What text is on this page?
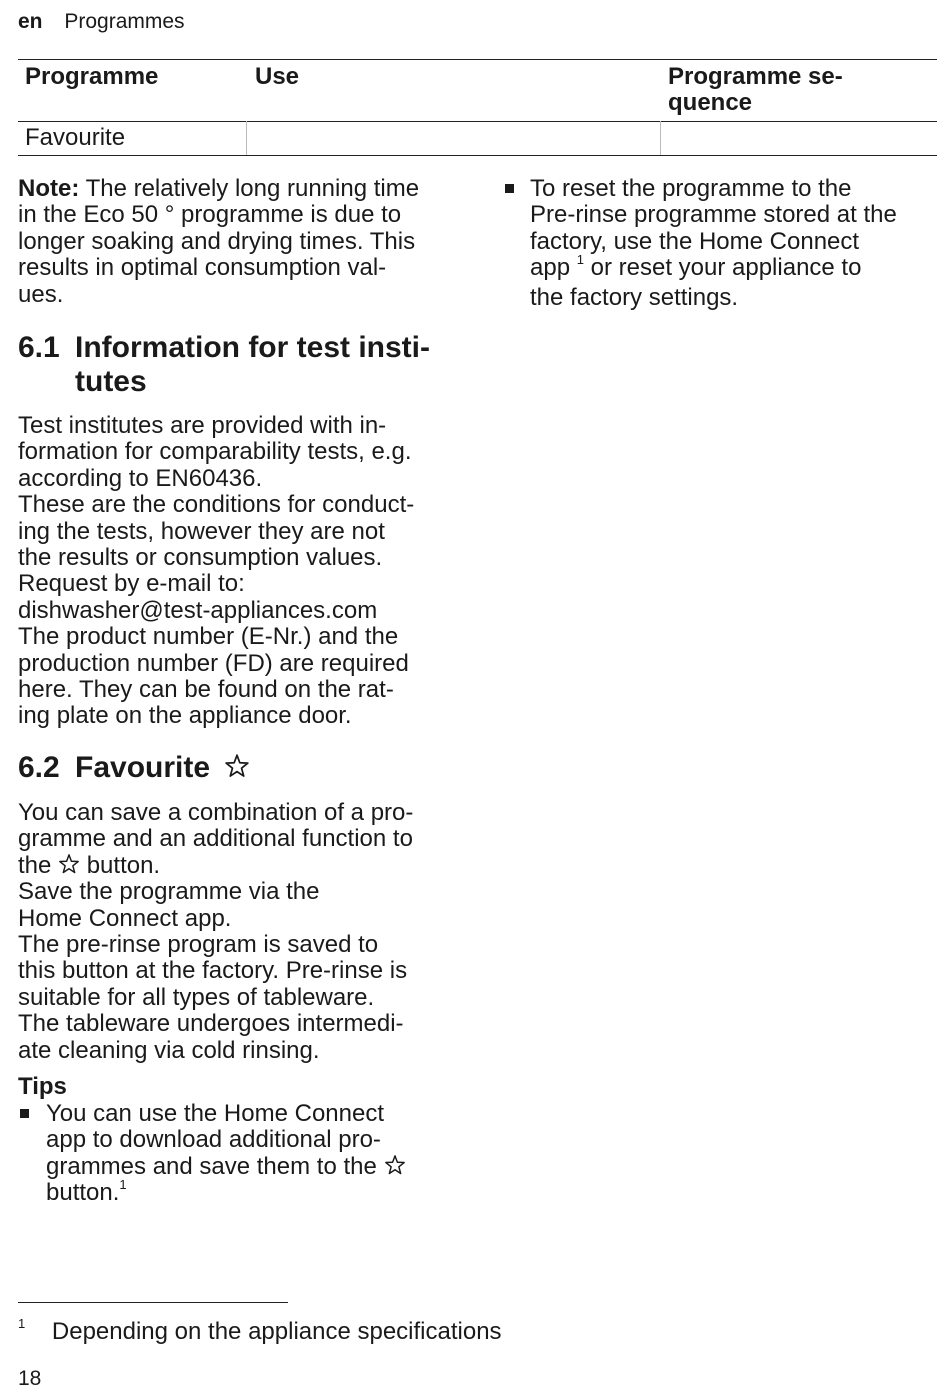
en Programmes
Programme	Use	Programme se-
quence
Favourite
Note: The relatively long running time
in the Eco 50 ° programme is due to
longer soaking and drying times. This
results in optimal consumption val-
ues.
To reset the programme to the
Pre-rinse programme stored at the
factory, use the Home Connect
app $^1$ or reset your appliance to
the factory settings.
6.1 Information for test insti-
tutes
Test institutes are provided with in-
formation for comparability tests, e.g.
according to EN60436.
These are the conditions for conduct-
ing the tests, however they are not
the results or consumption values.
Request by e-mail to:
dishwasher@test-appliances.com
The product number (E-Nr.) and the
production number (FD) are required
here. They can be found on the rat-
ing plate on the appliance door.
6.2 Favourite
You can save a combination of a pro-
gramme and an additional function to
the  button.
Save the programme via the
Home Connect app.
The pre-rinse program is saved to
this button at the factory. Pre-rinse is
suitable for all types of tableware.
The tableware undergoes intermedi-
ate cleaning via cold rinsing.
Tips
You can use the Home Connect
app to download additional pro-
grammes and save them to the
button.$^1$
$^1$ Depending on the appliance specifications
18
